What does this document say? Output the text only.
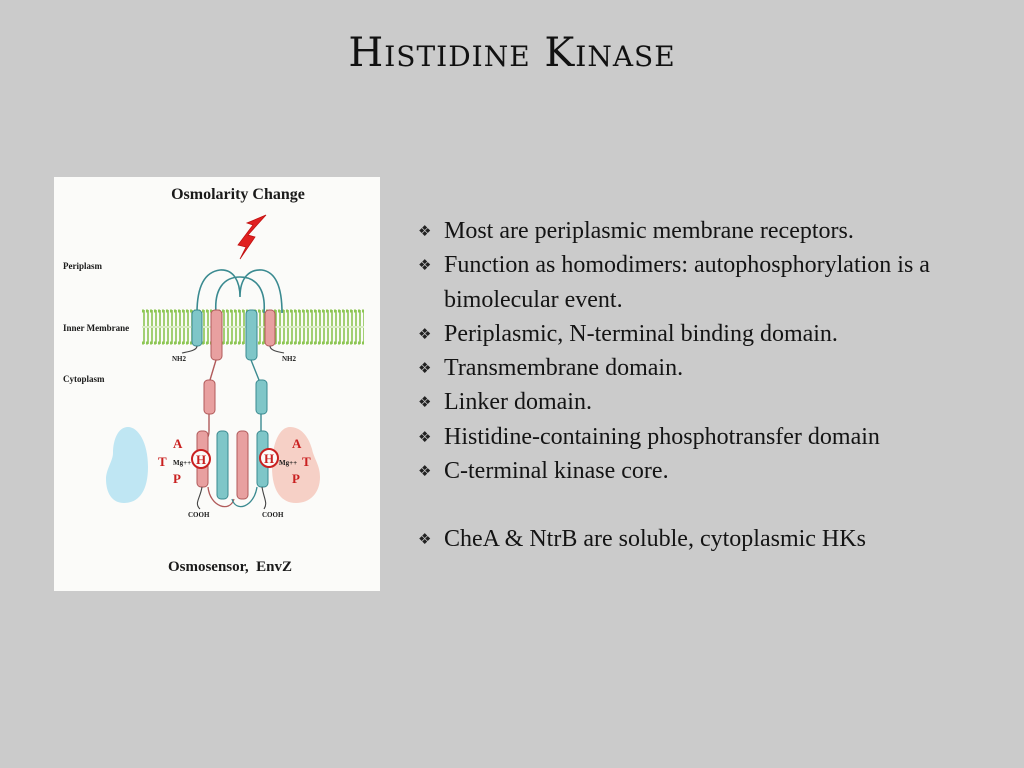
Histidine Kinase
Osmolarity Change
Periplasm
Inner Membrane
Cytoplasm
NH2	NH2
H	H
A
T
P
Mg++
A
T
P
Mg++
COOH	COOH
Osmosensor,  EnvZ
❖ Most are periplasmic membrane receptors.
❖ Function as homodimers: autophosphorylation is a bimolecular event.
❖ Periplasmic, N-terminal binding domain.
❖ Transmembrane domain.
❖ Linker domain.
❖ Histidine-containing phosphotransfer domain
❖ C-terminal kinase core.
❖ CheA & NtrB are soluble, cytoplasmic HKs
